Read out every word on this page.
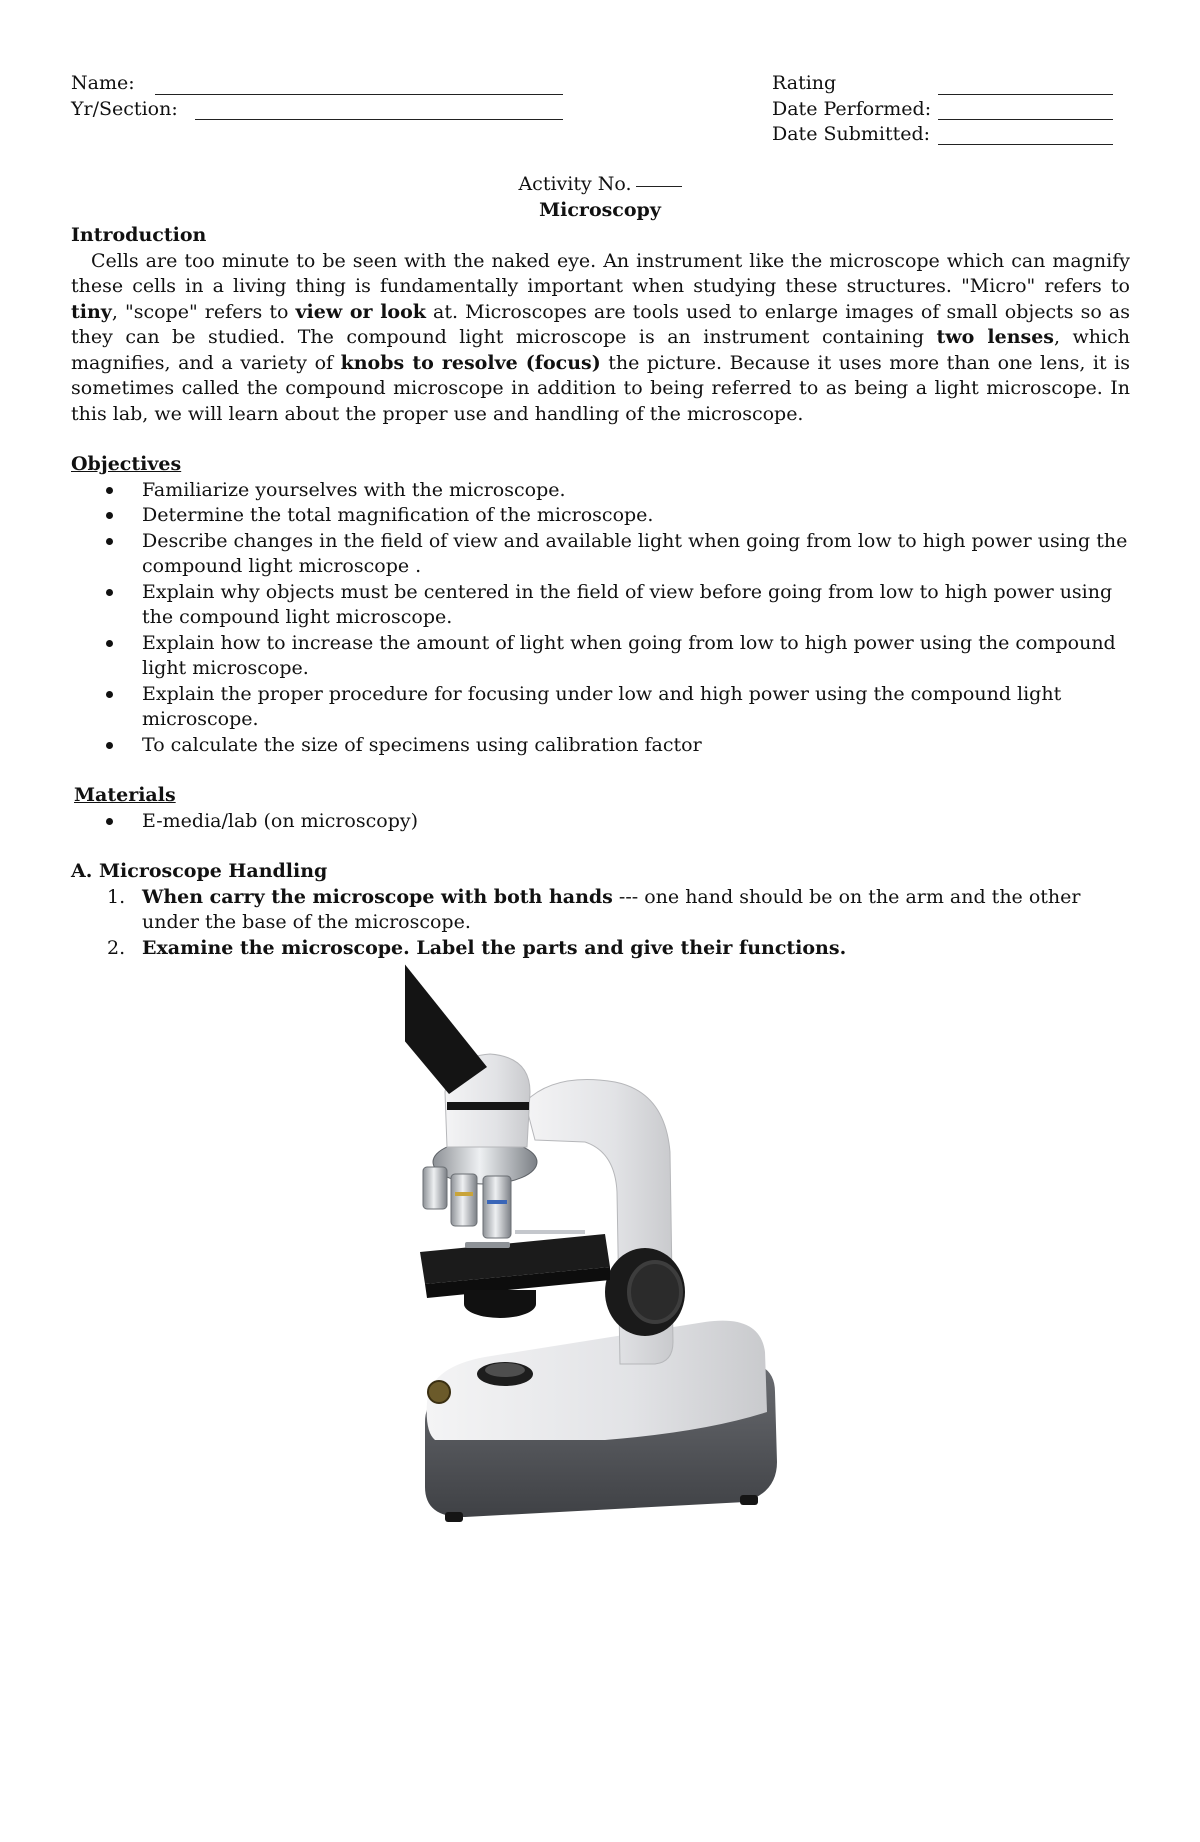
Name:
Yr/Section:
Rating
Date Performed:
Date Submitted:
Activity No.
Microscopy

Introduction

Cells are too minute to be seen with the naked eye. An instrument like the microscope which can magnify these cells in a living thing is fundamentally important when studying these structures. "Micro" refers to tiny, "scope" refers to view or look at. Microscopes are tools used to enlarge images of small objects so as they can be studied. The compound light microscope is an instrument containing two lenses, which magnifies, and a variety of knobs to resolve (focus) the picture. Because it uses more than one lens, it is sometimes called the compound microscope in addition to being referred to as being a light microscope. In this lab, we will learn about the proper use and handling of the microscope.

Objectives

Familiarize yourselves with the microscope.
Determine the total magnification of the microscope.
Describe changes in the field of view and available light when going from low to high power using the compound light microscope .
Explain why objects must be centered in the field of view before going from low to high power using the compound light microscope.
Explain how to increase the amount of light when going from low to high power using the compound light microscope.
Explain the proper procedure for focusing under low and high power using the compound light microscope.
To calculate the size of specimens using calibration factor

Materials

E-media/lab (on microscopy)

A. Microscope Handling

1. When carry the microscope with both hands --- one hand should be on the arm and the other under the base of the microscope.
2. Examine the microscope. Label the parts and give their functions.
